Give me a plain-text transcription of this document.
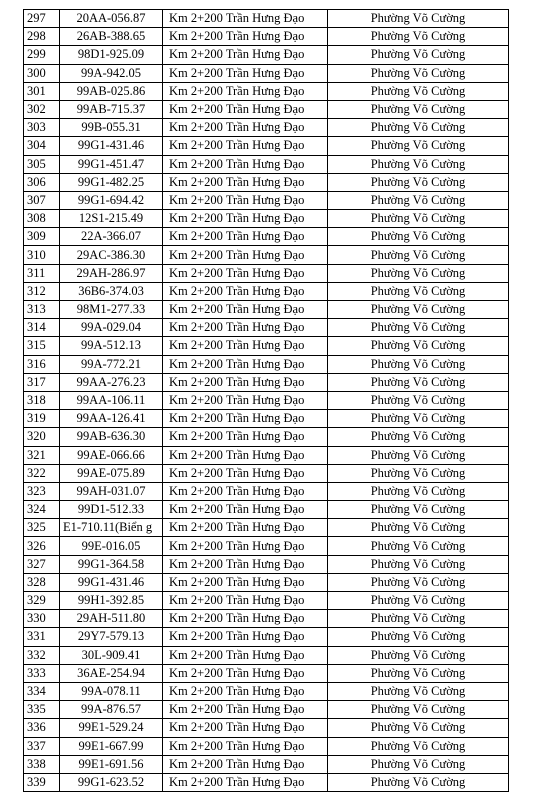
297	20AA-056.87	Km 2+200 Trần Hưng Đạo	Phường Võ Cường
298	26AB-388.65	Km 2+200 Trần Hưng Đạo	Phường Võ Cường
299	98D1-925.09	Km 2+200 Trần Hưng Đạo	Phường Võ Cường
300	99A-942.05	Km 2+200 Trần Hưng Đạo	Phường Võ Cường
301	99AB-025.86	Km 2+200 Trần Hưng Đạo	Phường Võ Cường
302	99AB-715.37	Km 2+200 Trần Hưng Đạo	Phường Võ Cường
303	99B-055.31	Km 2+200 Trần Hưng Đạo	Phường Võ Cường
304	99G1-431.46	Km 2+200 Trần Hưng Đạo	Phường Võ Cường
305	99G1-451.47	Km 2+200 Trần Hưng Đạo	Phường Võ Cường
306	99G1-482.25	Km 2+200 Trần Hưng Đạo	Phường Võ Cường
307	99G1-694.42	Km 2+200 Trần Hưng Đạo	Phường Võ Cường
308	12S1-215.49	Km 2+200 Trần Hưng Đạo	Phường Võ Cường
309	22A-366.07	Km 2+200 Trần Hưng Đạo	Phường Võ Cường
310	29AC-386.30	Km 2+200 Trần Hưng Đạo	Phường Võ Cường
311	29AH-286.97	Km 2+200 Trần Hưng Đạo	Phường Võ Cường
312	36B6-374.03	Km 2+200 Trần Hưng Đạo	Phường Võ Cường
313	98M1-277.33	Km 2+200 Trần Hưng Đạo	Phường Võ Cường
314	99A-029.04	Km 2+200 Trần Hưng Đạo	Phường Võ Cường
315	99A-512.13	Km 2+200 Trần Hưng Đạo	Phường Võ Cường
316	99A-772.21	Km 2+200 Trần Hưng Đạo	Phường Võ Cường
317	99AA-276.23	Km 2+200 Trần Hưng Đạo	Phường Võ Cường
318	99AA-106.11	Km 2+200 Trần Hưng Đạo	Phường Võ Cường
319	99AA-126.41	Km 2+200 Trần Hưng Đạo	Phường Võ Cường
320	99AB-636.30	Km 2+200 Trần Hưng Đạo	Phường Võ Cường
321	99AE-066.66	Km 2+200 Trần Hưng Đạo	Phường Võ Cường
322	99AE-075.89	Km 2+200 Trần Hưng Đạo	Phường Võ Cường
323	99AH-031.07	Km 2+200 Trần Hưng Đạo	Phường Võ Cường
324	99D1-512.33	Km 2+200 Trần Hưng Đạo	Phường Võ Cường
325	E1-710.11(Biển g	Km 2+200 Trần Hưng Đạo	Phường Võ Cường
326	99E-016.05	Km 2+200 Trần Hưng Đạo	Phường Võ Cường
327	99G1-364.58	Km 2+200 Trần Hưng Đạo	Phường Võ Cường
328	99G1-431.46	Km 2+200 Trần Hưng Đạo	Phường Võ Cường
329	99H1-392.85	Km 2+200 Trần Hưng Đạo	Phường Võ Cường
330	29AH-511.80	Km 2+200 Trần Hưng Đạo	Phường Võ Cường
331	29Y7-579.13	Km 2+200 Trần Hưng Đạo	Phường Võ Cường
332	30L-909.41	Km 2+200 Trần Hưng Đạo	Phường Võ Cường
333	36AE-254.94	Km 2+200 Trần Hưng Đạo	Phường Võ Cường
334	99A-078.11	Km 2+200 Trần Hưng Đạo	Phường Võ Cường
335	99A-876.57	Km 2+200 Trần Hưng Đạo	Phường Võ Cường
336	99E1-529.24	Km 2+200 Trần Hưng Đạo	Phường Võ Cường
337	99E1-667.99	Km 2+200 Trần Hưng Đạo	Phường Võ Cường
338	99E1-691.56	Km 2+200 Trần Hưng Đạo	Phường Võ Cường
339	99G1-623.52	Km 2+200 Trần Hưng Đạo	Phường Võ Cường
